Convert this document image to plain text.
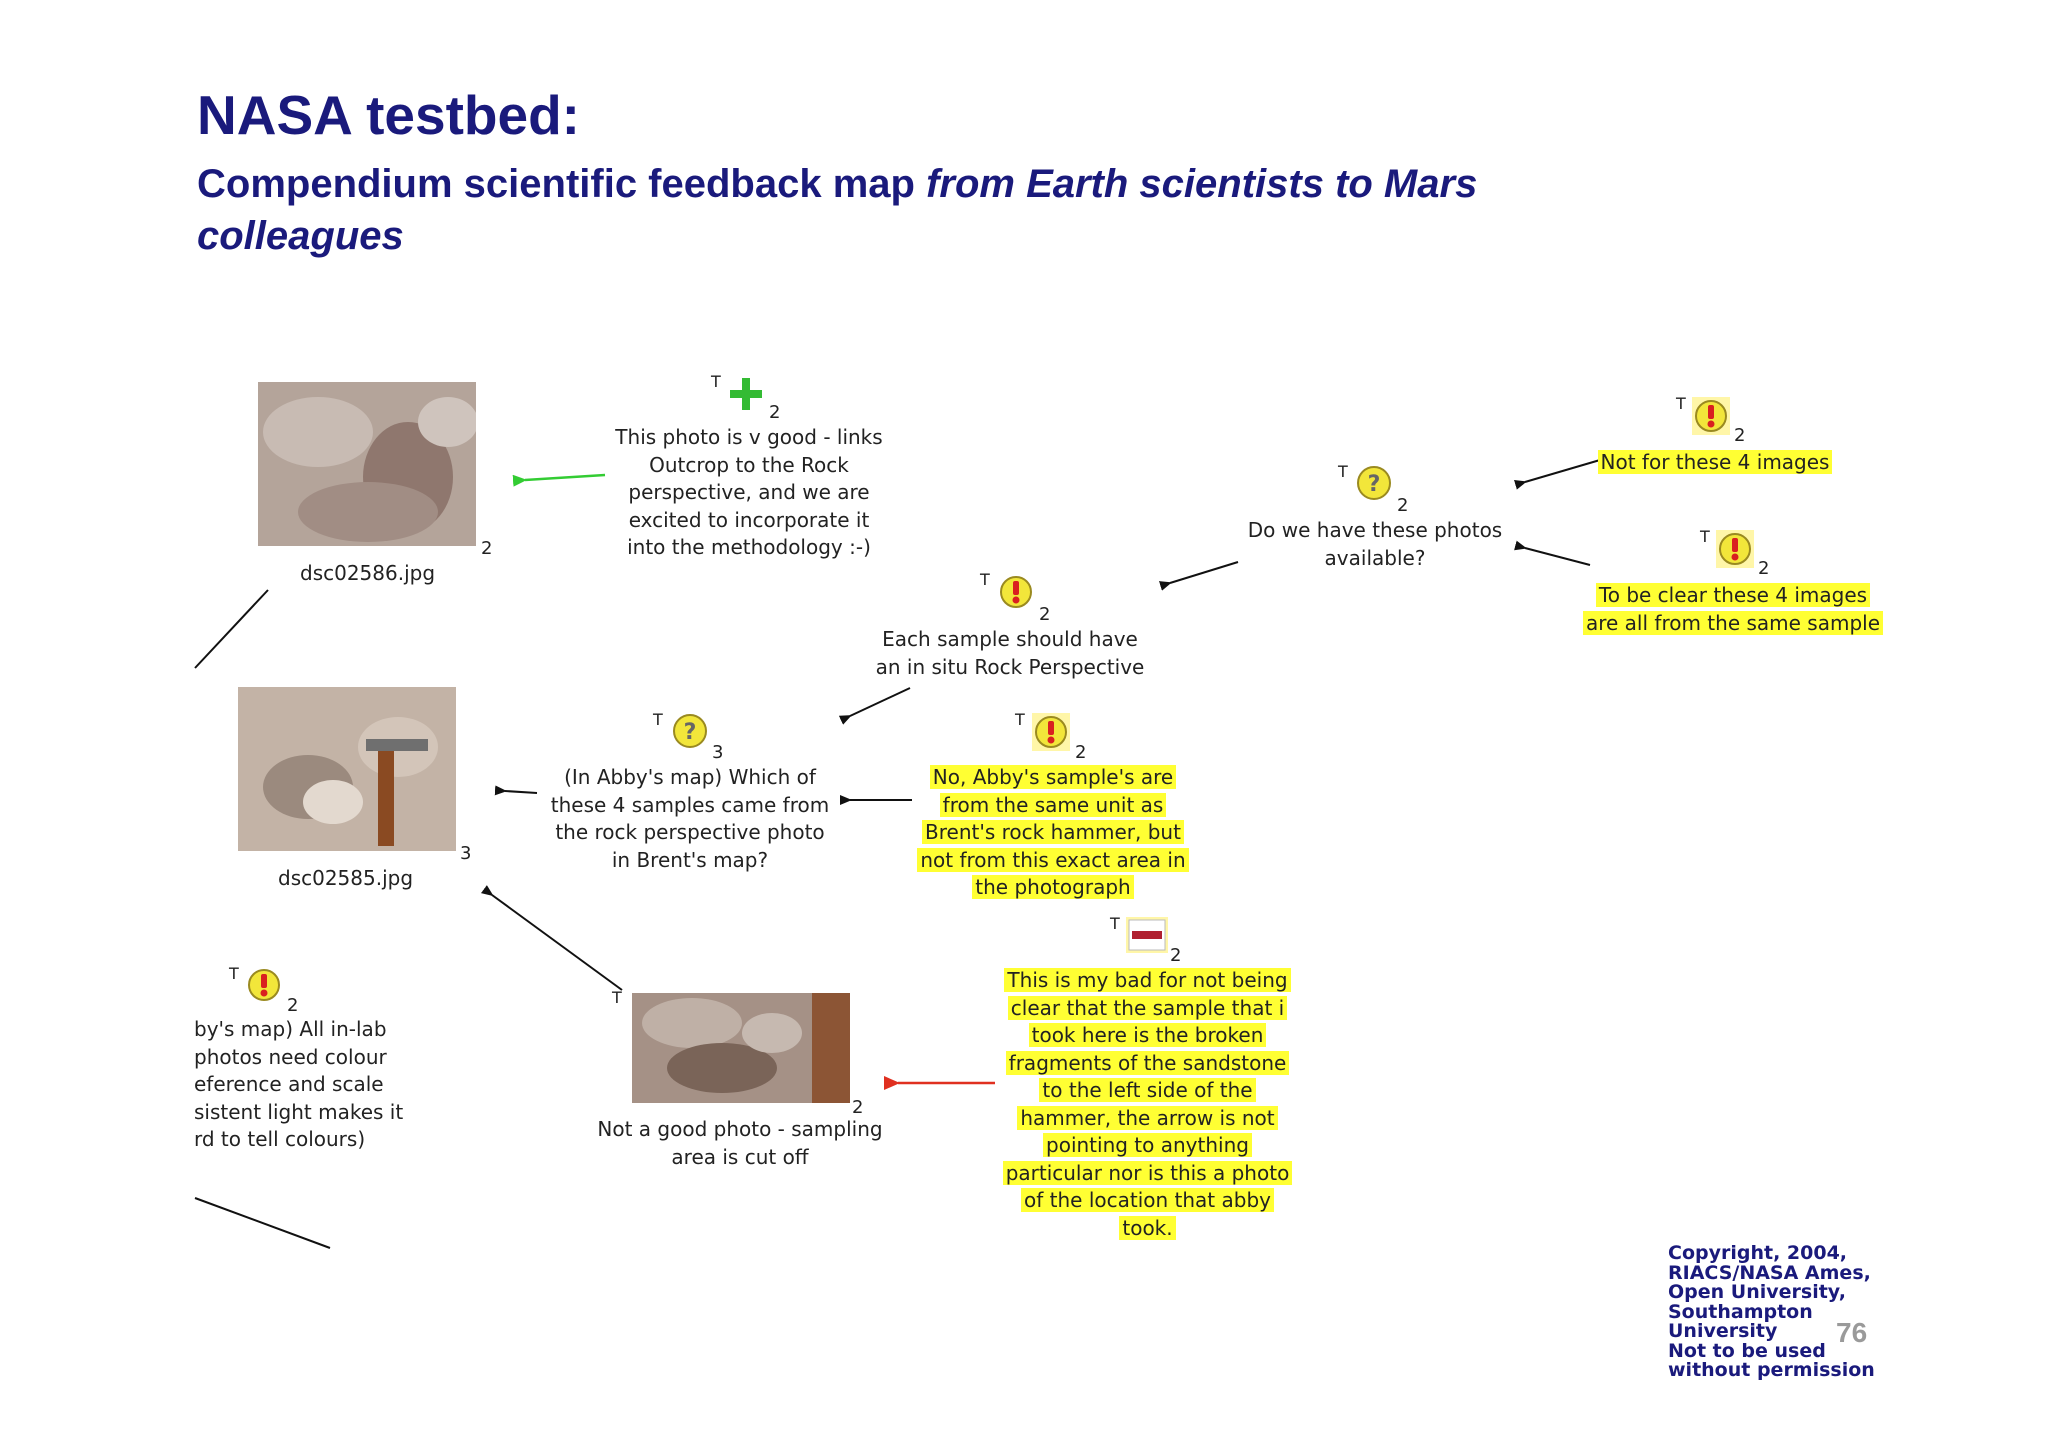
NASA testbed:

Compendium scientific feedback map from Earth scientists to Mars colleagues

2
dsc02586.jpg
3
dsc02585.jpg
T
2
T
2

This photo is v good - links
Outcrop to the Rock
perspective, and we are
excited to incorporate it
into the methodology :-)

T
?
2

Do we have these photos
available?

T
2

Not for these 4 images

T
2

To be clear these 4 images
are all from the same sample

T
2

Each sample should have
an in situ Rock Perspective

T
?
3

(In Abby's map) Which of
these 4 samples came from
the rock perspective photo
in Brent's map?

T
2

No, Abby's sample's are
from the same unit as
Brent's rock hammer, but
not from this exact area in
the photograph

T
2

This is my bad for not being
clear that the sample that i
took here is the broken
fragments of the sandstone
to the left side of the
hammer, the arrow is not
pointing to anything
particular nor is this a photo
of the location that abby
took.

Not a good photo - sampling
area is cut off

T
2

by's map) All in-lab
photos need colour
eference and scale
sistent light makes it
rd to tell colours)

Copyright, 2004,
RIACS/NASA Ames,
Open University,
Southampton
University
Not to be used
without permission

76
